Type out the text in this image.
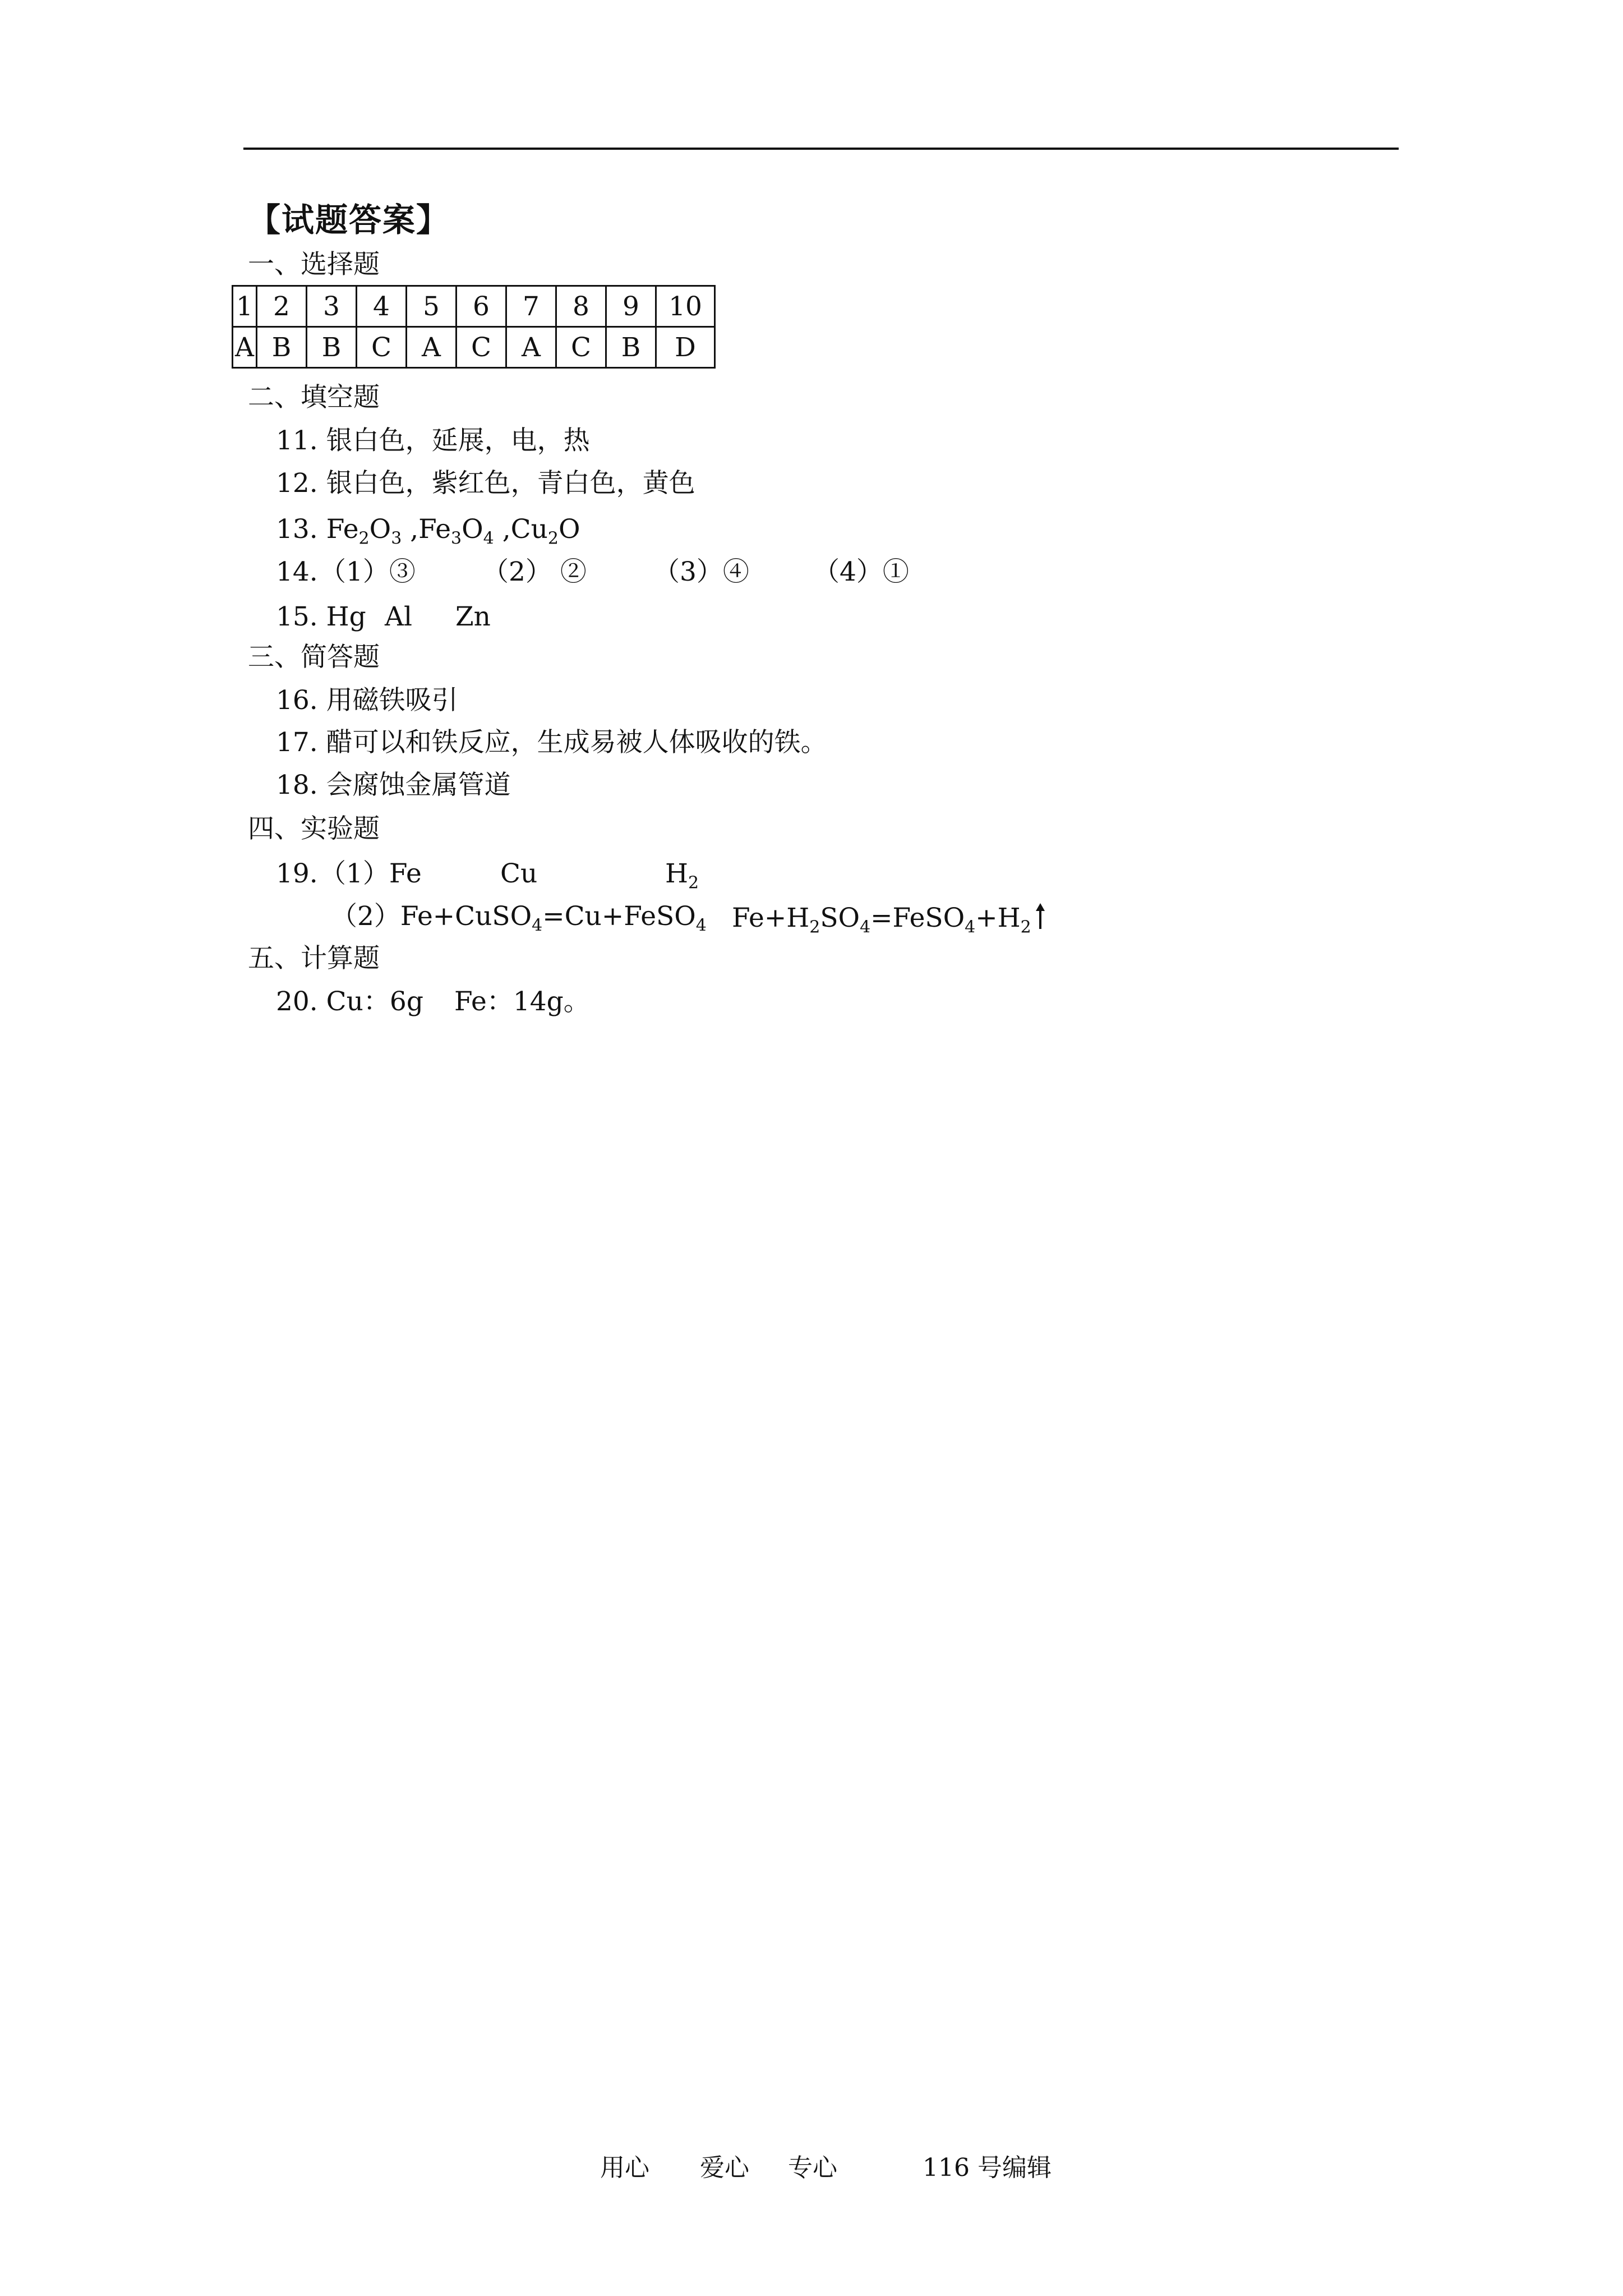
【试题答案】
一、选择题
1	2	3	4	5	6	7	8	9	10
A	B	B	C	A	C	A	C	B	D
二、填空题
11. 银白色，延展，电，热
12. 银白色，紫红色，青白色，黄色
13. $Fe_2O_3$ $,Fe_3O_4$ $,Cu_2O$
14. （1）③	（2） ②	（3）④ （4）①
15. Hg Al Zn
三、简答题
16. 用磁铁吸引
17. 醋可以和铁反应，生成易被人体吸收的铁。
18. 会腐蚀金属管道
四、实验题
19. （1）Fe	Cu	$H_2$
（2）Fe+CuSO$_4$=Cu+FeSO$_4$ $Fe+H_2SO_4=FeSO_4+H_2$
五、计算题
20. Cu：6g Fe：14g。
用心 爱心 专心	116 号编辑
